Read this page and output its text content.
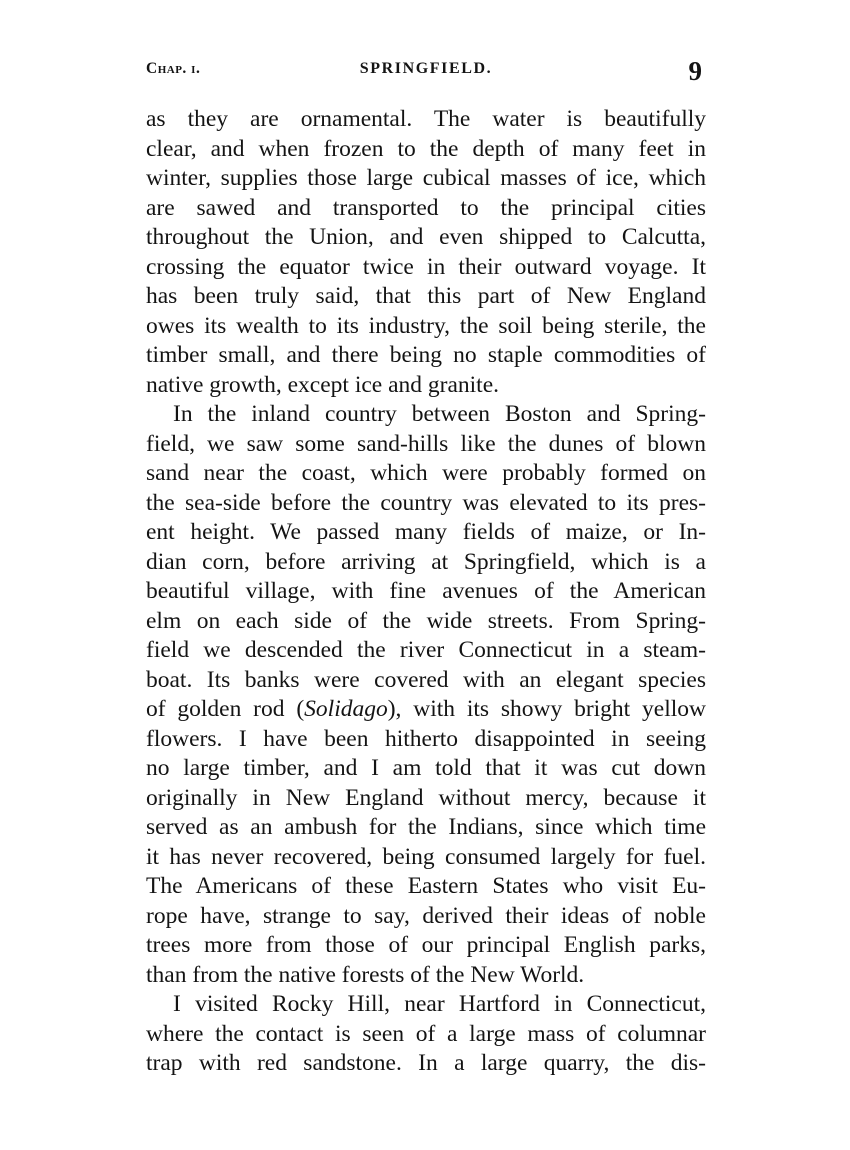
Chap. i.	SPRINGFIELD.	9
as they are ornamental. The water is beautifully
clear, and when frozen to the depth of many feet in
winter, supplies those large cubical masses of ice, which
are sawed and transported to the principal cities
throughout the Union, and even shipped to Calcutta,
crossing the equator twice in their outward voyage. It
has been truly said, that this part of New England
owes its wealth to its industry, the soil being sterile, the
timber small, and there being no staple commodities of
native growth, except ice and granite.
In the inland country between Boston and Spring-
field, we saw some sand-hills like the dunes of blown
sand near the coast, which were probably formed on
the sea-side before the country was elevated to its pres-
ent height. We passed many fields of maize, or In-
dian corn, before arriving at Springfield, which is a
beautiful village, with fine avenues of the American
elm on each side of the wide streets. From Spring-
field we descended the river Connecticut in a steam-
boat. Its banks were covered with an elegant species
of golden rod (Solidago), with its showy bright yellow
flowers. I have been hitherto disappointed in seeing
no large timber, and I am told that it was cut down
originally in New England without mercy, because it
served as an ambush for the Indians, since which time
it has never recovered, being consumed largely for fuel.
The Americans of these Eastern States who visit Eu-
rope have, strange to say, derived their ideas of noble
trees more from those of our principal English parks,
than from the native forests of the New World.
I visited Rocky Hill, near Hartford in Connecticut,
where the contact is seen of a large mass of columnar
trap with red sandstone. In a large quarry, the dis-
